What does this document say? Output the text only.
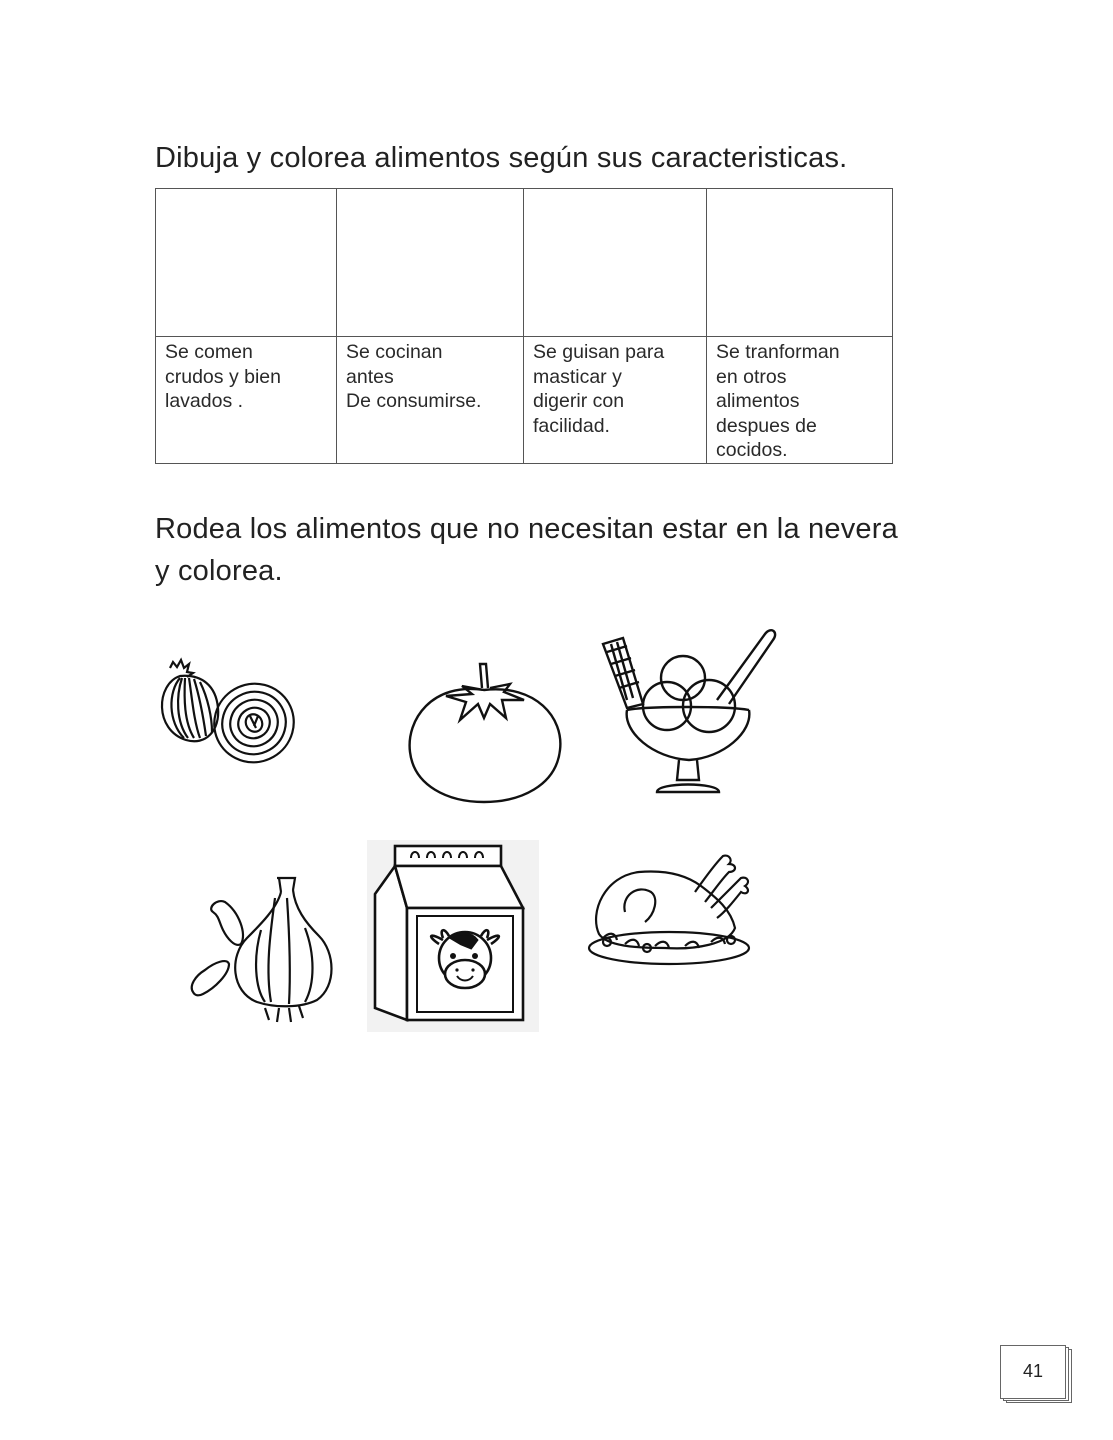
Dibuja y colorea alimentos según sus caracteristicas.

Se comen
crudos y bien
lavados .	Se cocinan
antes
De consumirse.	Se guisan para
masticar y
digerir con
facilidad.	Se tranforman
en otros
alimentos
despues de
cocidos.
Rodea los alimentos que no necesitan estar en la nevera y colorea.
41
